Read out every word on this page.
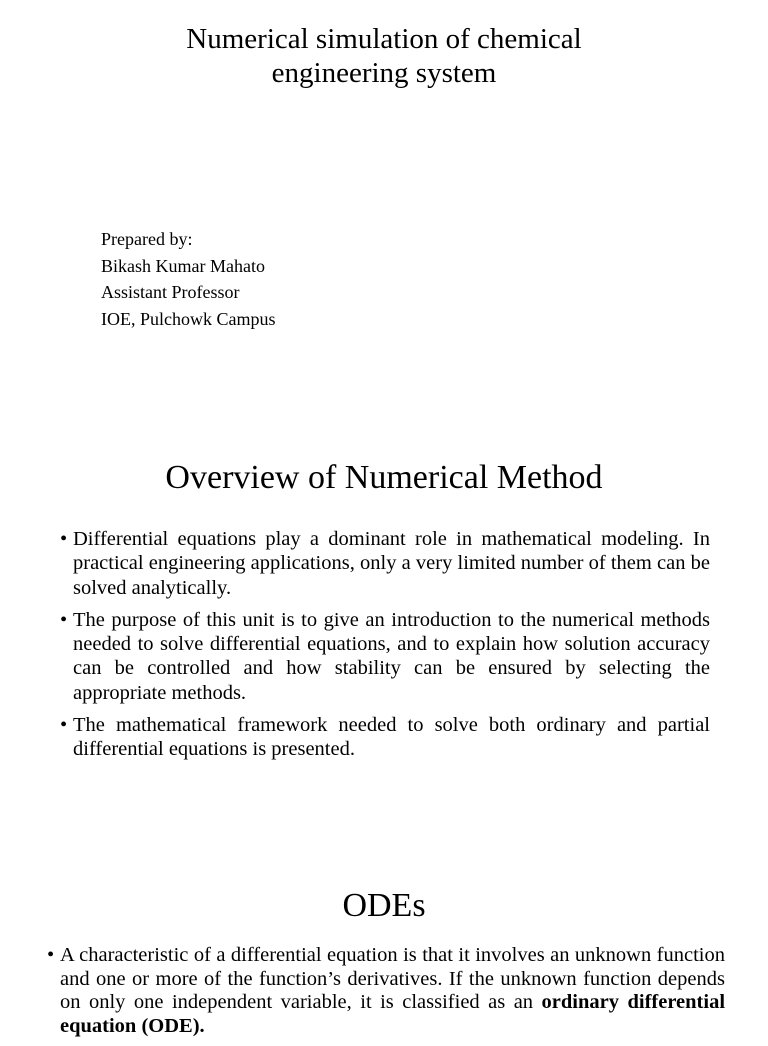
Numerical simulation of chemical
engineering system
Prepared by:
Bikash Kumar Mahato
Assistant Professor
IOE, Pulchowk Campus
Overview of Numerical Method
• Differential equations play a dominant role in mathematical modeling. In practical engineering applications, only a very limited number of them can be solved analytically.
• The purpose of this unit is to give an introduction to the numerical methods needed to solve differential equations, and to explain how solution accuracy can be controlled and how stability can be ensured by selecting the appropriate methods.
• The mathematical framework needed to solve both ordinary and partial differential equations is presented.
ODEs
• A characteristic of a differential equation is that it involves an unknown function and one or more of the function’s derivatives. If the unknown function depends on only one independent variable, it is classified as an ordinary differential equation (ODE).
